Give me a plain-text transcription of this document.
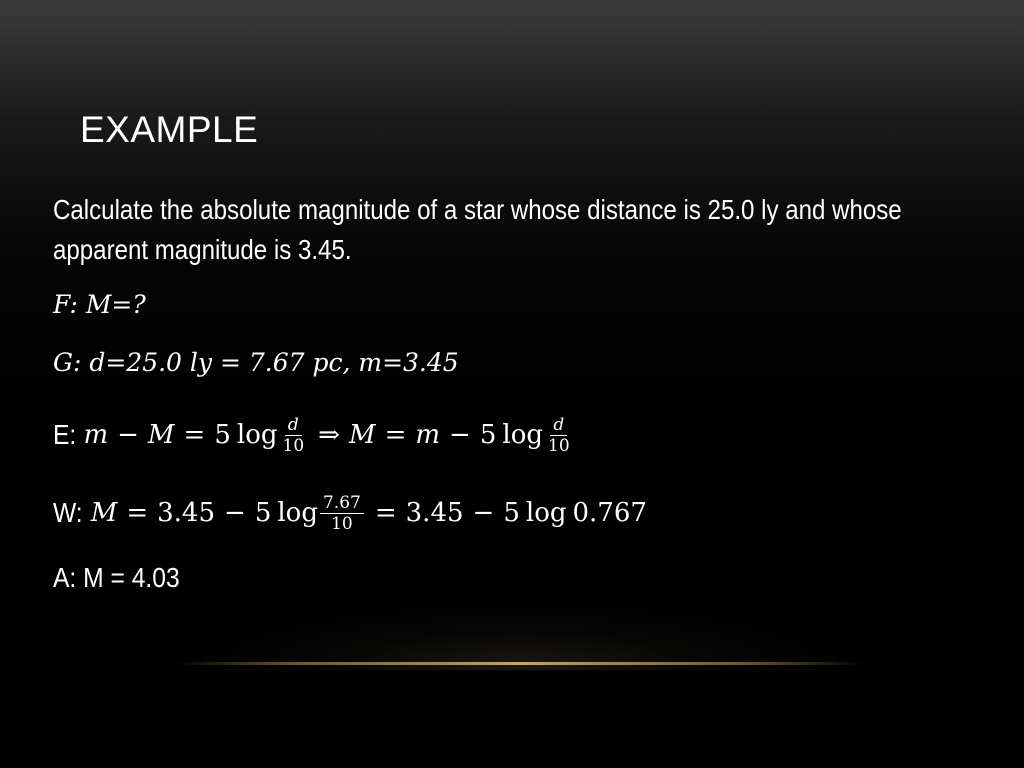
EXAMPLE
Calculate the absolute magnitude of a star whose distance is 25.0 ly and whose apparent magnitude is 3.45.
F: M=?
G: d=25.0 ly = 7.67 pc, m=3.45
E: m − M = 5 $\log \frac{d}{10}$ ⇒ M = m − 5 $\log \frac{d}{10}$
W: M = 3.45 − 5 $\log \frac{7.67}{10} = 3.45 - 5$ log 0.767
A: M = 4.03
